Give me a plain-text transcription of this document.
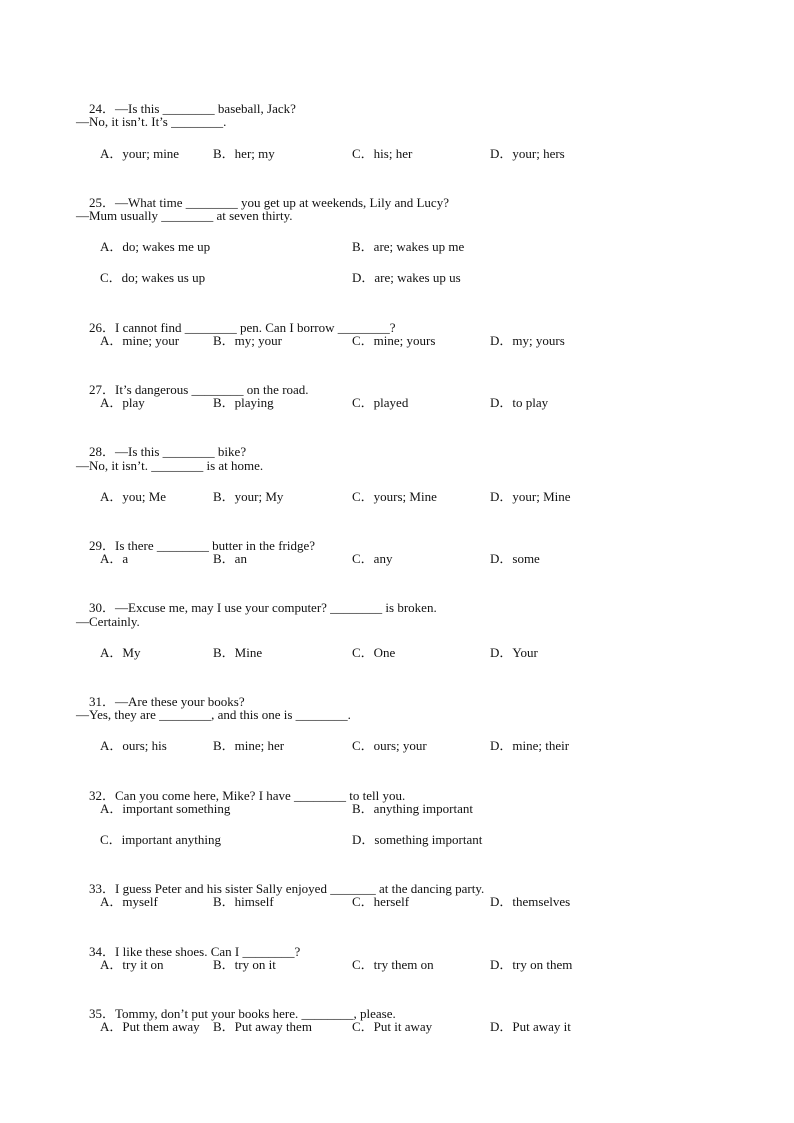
24．—Is this ________ baseball, Jack?

—No, it isn’t. It’s ________.
A．your; mine	B．her; my	C．his; her	D．your; hers

25．—What time ________ you get up at weekends, Lily and Lucy?

—Mum usually ________ at seven thirty.
A．do; wakes me up	B．are; wakes up me
C．do; wakes us up	D．are; wakes up us

26．I cannot find ________ pen. Can I borrow ________?

A．mine; your	B．my; your	C．mine; yours	D．my; yours

27．It’s dangerous ________ on the road.

A．play	B．playing	C．played	D．to play

28．—Is this ________ bike?

—No, it isn’t. ________ is at home.
A．you; Me	B．your; My	C．yours; Mine	D．your; Mine

29．Is there ________ butter in the fridge?

A．a	B．an	C．any	D．some

30．—Excuse me, may I use your computer? ________ is broken.

—Certainly.
A．My	B．Mine	C．One	D．Your

31．—Are these your books?

—Yes, they are ________, and this one is ________.
A．ours; his	B．mine; her	C．ours; your	D．mine; their

32．Can you come here, Mike? I have ________ to tell you.

A．important something	B．anything important
C．important anything	D．something important

33．I guess Peter and his sister Sally enjoyed _______ at the dancing party.

A．myself	B．himself	C．herself	D．themselves

34．I like these shoes. Can I ________?

A．try it on	B．try on it	C．try them on	D．try on them

35．Tommy, don’t put your books here. ________, please.

A．Put them away B．Put away them	C．Put it away	D．Put away it
